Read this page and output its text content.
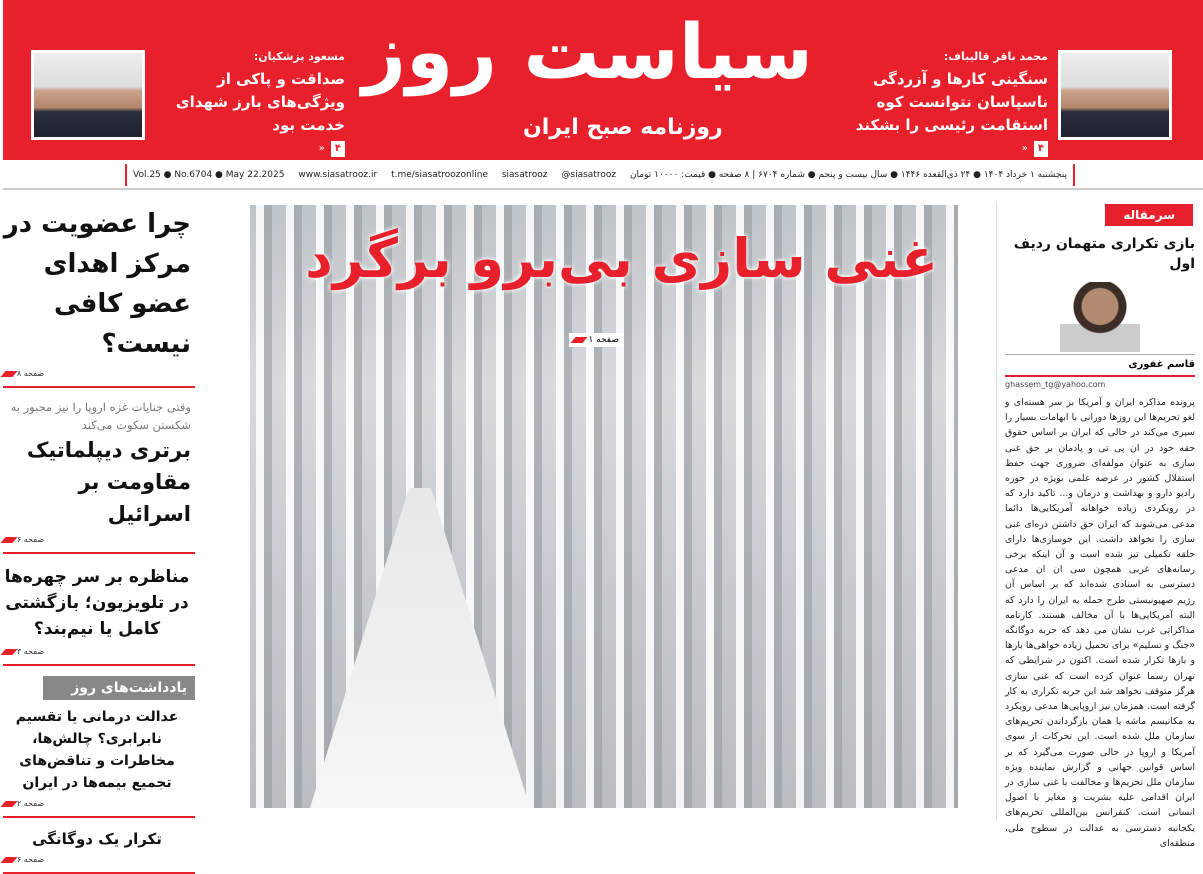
محمد باقر قالیباف:
سنگینی کارها و آزردگی ناسپاسان نتوانست کوه استقامت رئیسی را بشکند
۴
«
سیاست روز
روزنامه صبح ایران
مسعود پزشکیان:
صداقت و پاکی از ویژگی‌های بارز شهدای خدمت بود
۴
«
پنجشنبه ۱ خرداد ۱۴۰۴ ● ۲۴ ذی‌القعده ۱۴۴۶ ● سال بیست و پنجم ● شماره ۶۷۰۴ | ۸ صفحه ● قیمت: ۱۰۰۰۰ تومان
@siasatrooz
siasatrooz
t.me/siasatroozonline
www.siasatrooz.ir
Vol.25 ● No.6704 ● May 22.2025
سرمقاله
بازی تکراری متهمان ردیف اول
قاسم غفوری
ghassem_tg@yahoo.com
پرونده مذاکره ایران و آمریکا بر سر هسته‌ای و لغو تحریم‌ها این روزها دورانی با ابهامات بسیار را سپری می‌کند در حالی که ایران بر اساس حقوق حقه خود در ان پی تی و پادمان بر حق غنی سازی به عنوان مولفه‌ای ضروری جهت حفظ استقلال کشور در عرصه علمی بویژه در حوزه رادیو دارو و بهداشت و درمان و... تاکید دارد که در رویکردی زیاده خواهانه آمریکایی‌ها دائما مدعی می‌شوند که ایران حق داشتن ذره‌ای غنی سازی را نخواهد داشت. این جوسازی‌ها دارای حلقه تکمیلی تیز شده است و آن اینکه برخی رسانه‌های غربی همچون سی ان ان مدعی دسترسی به اسنادی شده‌اند که بر اساس آن رژیم صهیونیستی طرح حمله به ایران را دارد که البته آمریکایی‌ها با آن مخالف هستند. کارنامه مذاکراتی غرب نشان می دهد که حربه دوگانگه «جنگ و تسلیم» برای تحمیل زیاده خواهی‌ها بارها و بارها تکرار شده است. اکنون در شرایطی که تهران رسما عنوان کرده است که غنی سازی هرگز متوقف نخواهد شد این حربه تکراری به کار گرفته است. همزمان نیز اروپایی‌ها مدعی رویکرد به مکانیسم ماشه یا همان بازگرداندن تحریم‌های سازمان ملل شده است. این تحرکات از سوی آمریکا و اروپا در حالی صورت می‌گیرد که بر اساس قوانین جهانی و گزارش نماینده ویژه سازمان ملل تحریم‌ها و مخالفت با غنی سازی در ایران اقدامی علیه بشریت و مغایر با اصول انسانی است. کنفرانس بین‌المللی تحریم‌های یکجانبه دسترسی به عدالت در سطوح ملی، منطقه‌ای
غنی سازی بی‌برو برگرد
صفحه ۱
چرا عضویت در مرکز اهدای عضو کافی نیست؟
صفحه ۸
وقتی جنایات غزه اروپا را نیز مجبور به شکستن سکوت می‌کند
برتری دیپلماتیک مقاومت بر اسرائیل
صفحه ۶
مناظره بر سر چهره‌ها در تلویزیون؛ بازگشتی کامل یا نیم‌بند؟
صفحه ۳
یادداشت‌های روز
عدالت درمانی یا تقسیم نابرابری؟ چالش‌ها، مخاطرات و تناقض‌های تجمیع بیمه‌ها در ایران
صفحه ۲
تکرار یک دوگانگی
صفحه ۶
